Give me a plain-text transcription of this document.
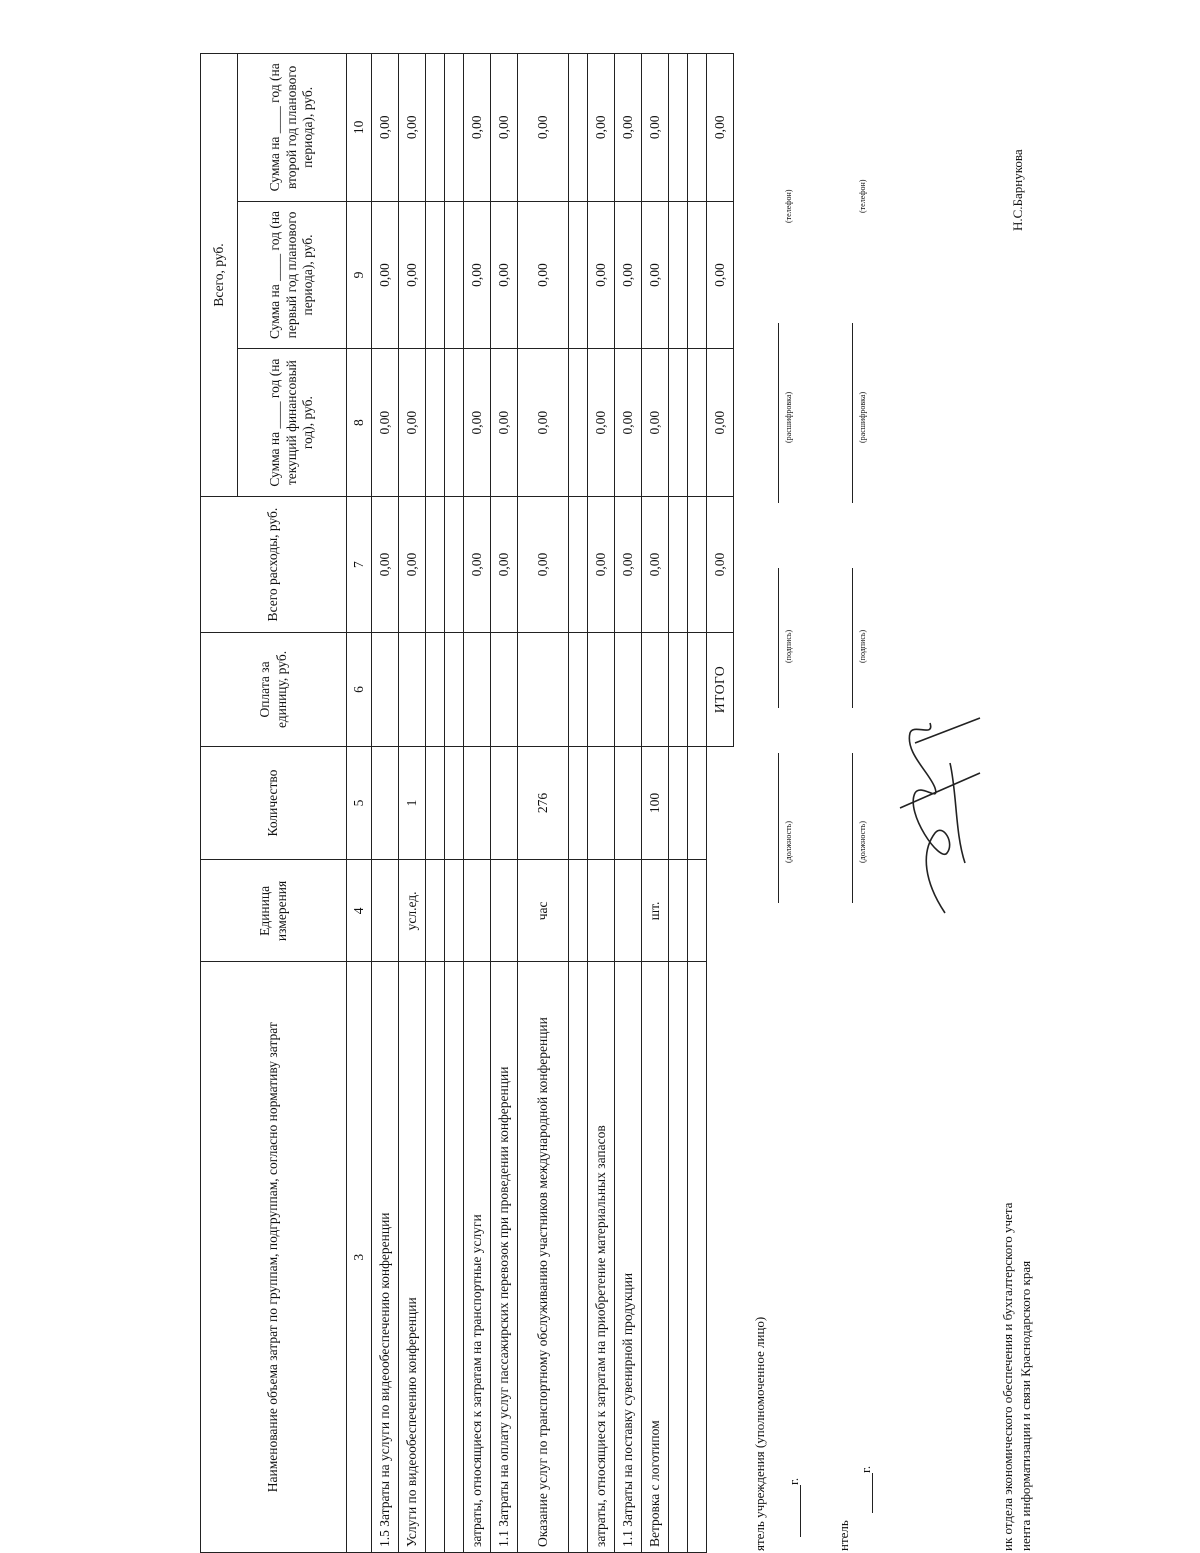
Наименование объема затрат по группам, подгруппам, согласно нормативу затрат	Единица измерения	Количество	Оплата за единицу, руб.	Всего расходы, руб.	Всего, руб.		
					Сумма на ____ год (на текущий финансовый год), руб.	Сумма на ____ год (на первый год планового периода), руб.	Сумма на ____ год (на второй год планового периода), руб.
3	4	5	6	7	8	9	10
1.5 Затраты на услуги по видеообеспечению конференции				0,00	0,00	0,00	0,00
Услуги по видеообеспечению конференции	усл.ед.	1		0,00	0,00	0,00	0,00

затраты, относящиеся к затратам на транспортные услуги				0,00	0,00	0,00	0,00
1.1 Затраты на оплату услуг пассажирских перевозок при проведении конференции				0,00	0,00	0,00	0,00
Оказание услуг по транспортному обслуживанию участников международной конференции	час	276		0,00	0,00	0,00	0,00

затраты, относящиеся к затратам на приобретение материальных запасов				0,00	0,00	0,00	0,00
1.1 Затраты на поставку сувенирной продукции				0,00	0,00	0,00	0,00
Ветровка с логотипом	шт.	100		0,00	0,00	0,00	0,00

			ИТОГО	0,00	0,00	0,00	0,00
ятель учреждения (уполномоченное лицо) г.
(должность)
(подпись)
(расшифровка)
(телефон)
нтель
г.
(должность)
(подпись)
(расшифровка)
(телефон)
ик отдела экономического обеспечения и бухгалтерского учета иента информатизации и связи Краснодарского края
Н.С.Барнукова
